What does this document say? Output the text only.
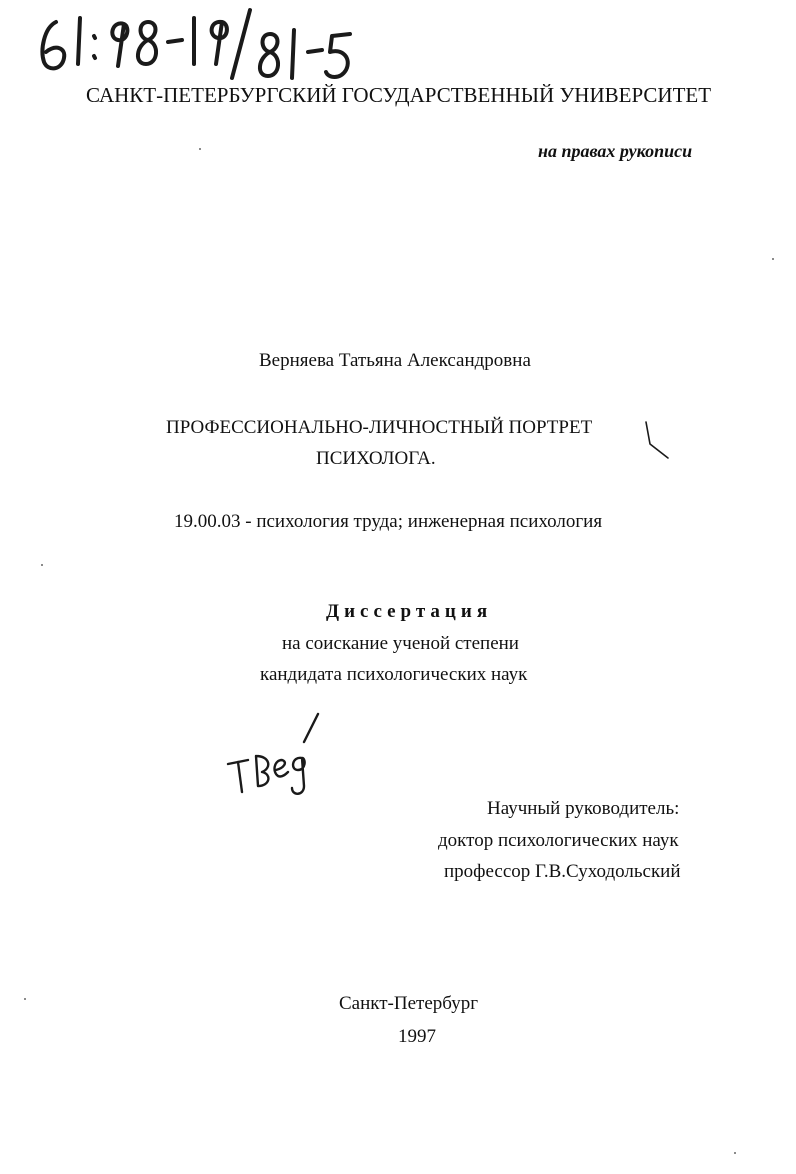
САНКТ-ПЕТЕРБУРГСКИЙ ГОСУДАРСТВЕННЫЙ УНИВЕРСИТЕТ
на правах рукописи
Верняева Татьяна Александровна
ПРОФЕССИОНАЛЬНО-ЛИЧНОСТНЫЙ ПОРТРЕТ
ПСИХОЛОГА.
19.00.03 - психология труда; инженерная психология
Диссертация
на соискание ученой степени
кандидата психологических наук
Научный руководитель:
доктор психологических наук
профессор Г.В.Суходольский
Санкт-Петербург
1997
